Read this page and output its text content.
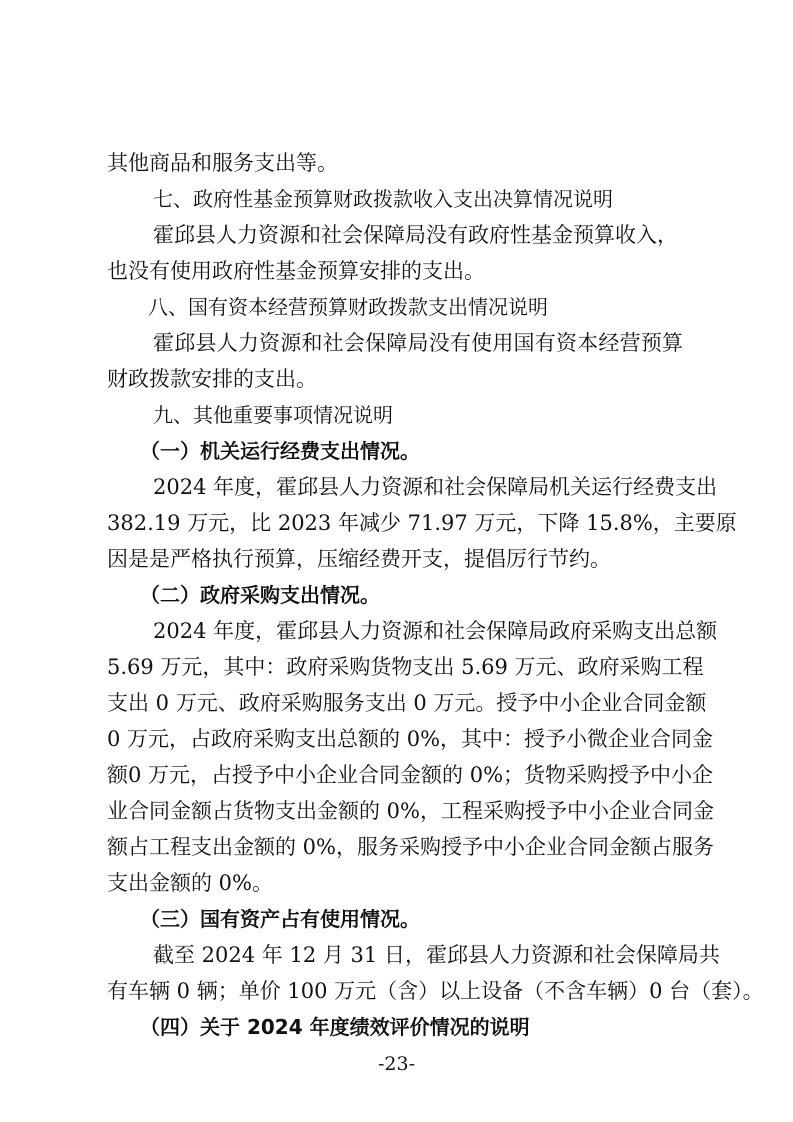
其他商品和服务支出等。
七、政府性基金预算财政拨款收入支出决算情况说明
霍邱县人力资源和社会保障局没有政府性基金预算收入，
也没有使用政府性基金预算安排的支出。
八、国有资本经营预算财政拨款支出情况说明
霍邱县人力资源和社会保障局没有使用国有资本经营预算
财政拨款安排的支出。
九、其他重要事项情况说明
（一）机关运行经费支出情况。
2024 年度，霍邱县人力资源和社会保障局机关运行经费支出
382.19 万元，比 2023 年减少 71.97 万元，下降 15.8%，主要原
因是是严格执行预算，压缩经费开支，提倡厉行节约。
（二）政府采购支出情况。
2024 年度，霍邱县人力资源和社会保障局政府采购支出总额
5.69 万元，其中：政府采购货物支出 5.69 万元、政府采购工程
支出 0 万元、政府采购服务支出 0 万元。授予中小企业合同金额
0 万元，占政府采购支出总额的 0%，其中：授予小微企业合同金
额0 万元，占授予中小企业合同金额的 0%；货物采购授予中小企
业合同金额占货物支出金额的 0%，工程采购授予中小企业合同金
额占工程支出金额的 0%，服务采购授予中小企业合同金额占服务
支出金额的 0%。
（三）国有资产占有使用情况。
截至 2024 年 12 月 31 日，霍邱县人力资源和社会保障局共
有车辆 0 辆；单价 100 万元（含）以上设备（不含车辆）0 台（套）。
（四）关于 2024 年度绩效评价情况的说明
-23-
